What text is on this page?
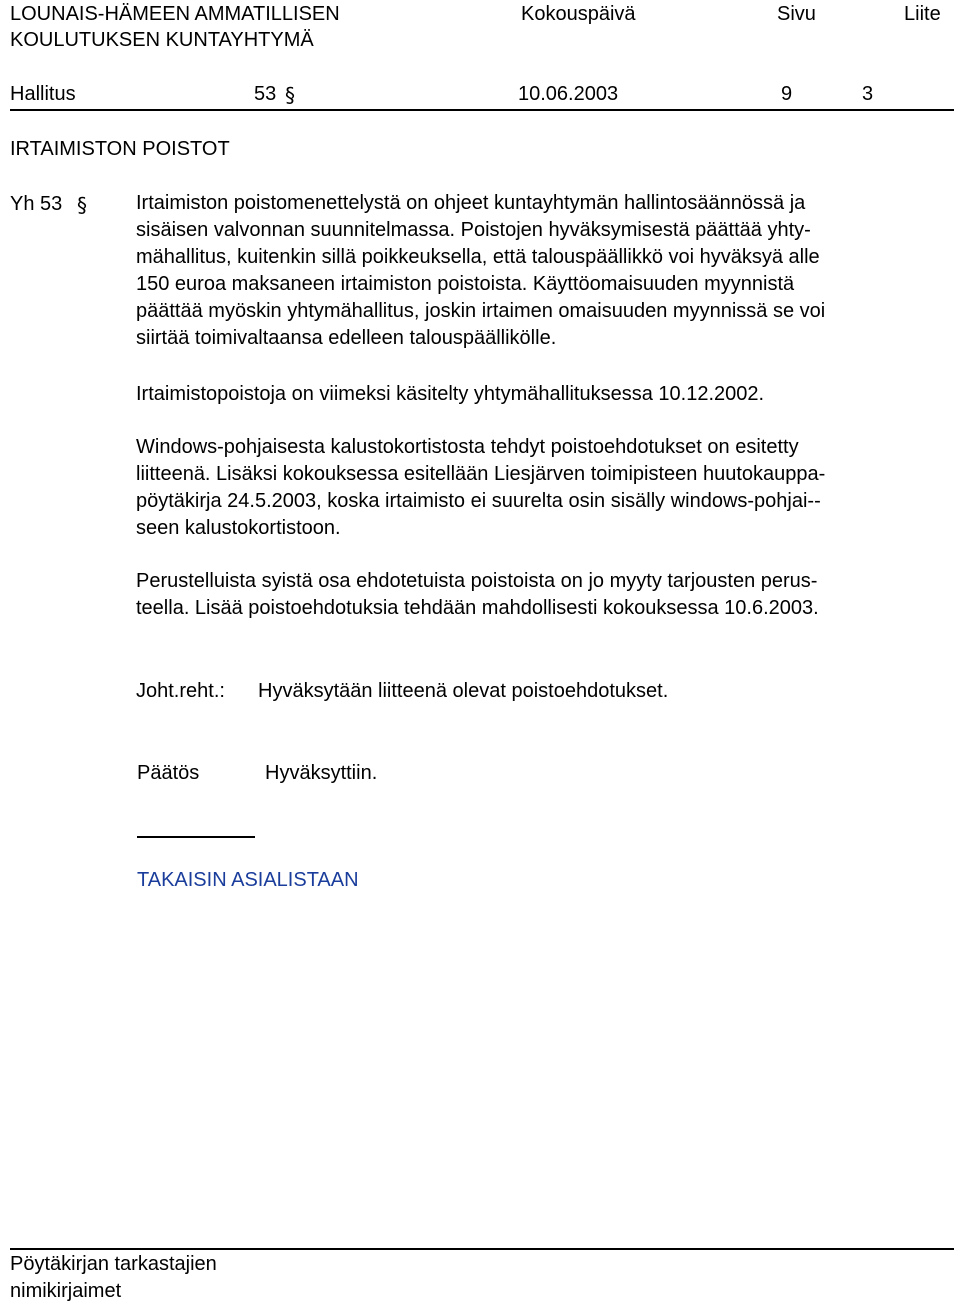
LOUNAIS-HÄMEEN AMMATILLISEN
KOULUTUKSEN KUNTAYHTYMÄ
Kokouspäivä	Sivu	Liite
Hallitus	53 §	10.06.2003	9	3
IRTAIMISTON POISTOT
Yh 53 § Irtaimiston poistomenettelystä on ohjeet kuntayhtymän hallintosäännössä ja
sisäisen valvonnan suunnitelmassa. Poistojen hyväksymisestä päättää yhty-
mähallitus, kuitenkin sillä poikkeuksella, että talouspäällikkö voi hyväksyä alle
150 euroa maksaneen irtaimiston poistoista. Käyttöomaisuuden myynnistä
päättää myöskin yhtymähallitus, joskin irtaimen omaisuuden myynnissä se voi
siirtää toimivaltaansa edelleen talouspäällikölle.
Irtaimistopoistoja on viimeksi käsitelty yhtymähallituksessa 10.12.2002.
Windows-pohjaisesta kalustokortistosta tehdyt poistoehdotukset on esitetty
liitteenä. Lisäksi kokouksessa esitellään Liesjärven toimipisteen huutokauppa-
pöytäkirja 24.5.2003, koska irtaimisto ei suurelta osin sisälly windows-pohjai--
seen kalustokortistoon.
Perustelluista syistä osa ehdotetuista poistoista on jo myyty tarjousten perus-
teella. Lisää poistoehdotuksia tehdään mahdollisesti kokouksessa 10.6.2003.
Joht.reht.: Hyväksytään liitteenä olevat poistoehdotukset.
Päätös	Hyväksyttiin.
TAKAISIN ASIALISTAAN
Pöytäkirjan tarkastajien
nimikirjaimet
